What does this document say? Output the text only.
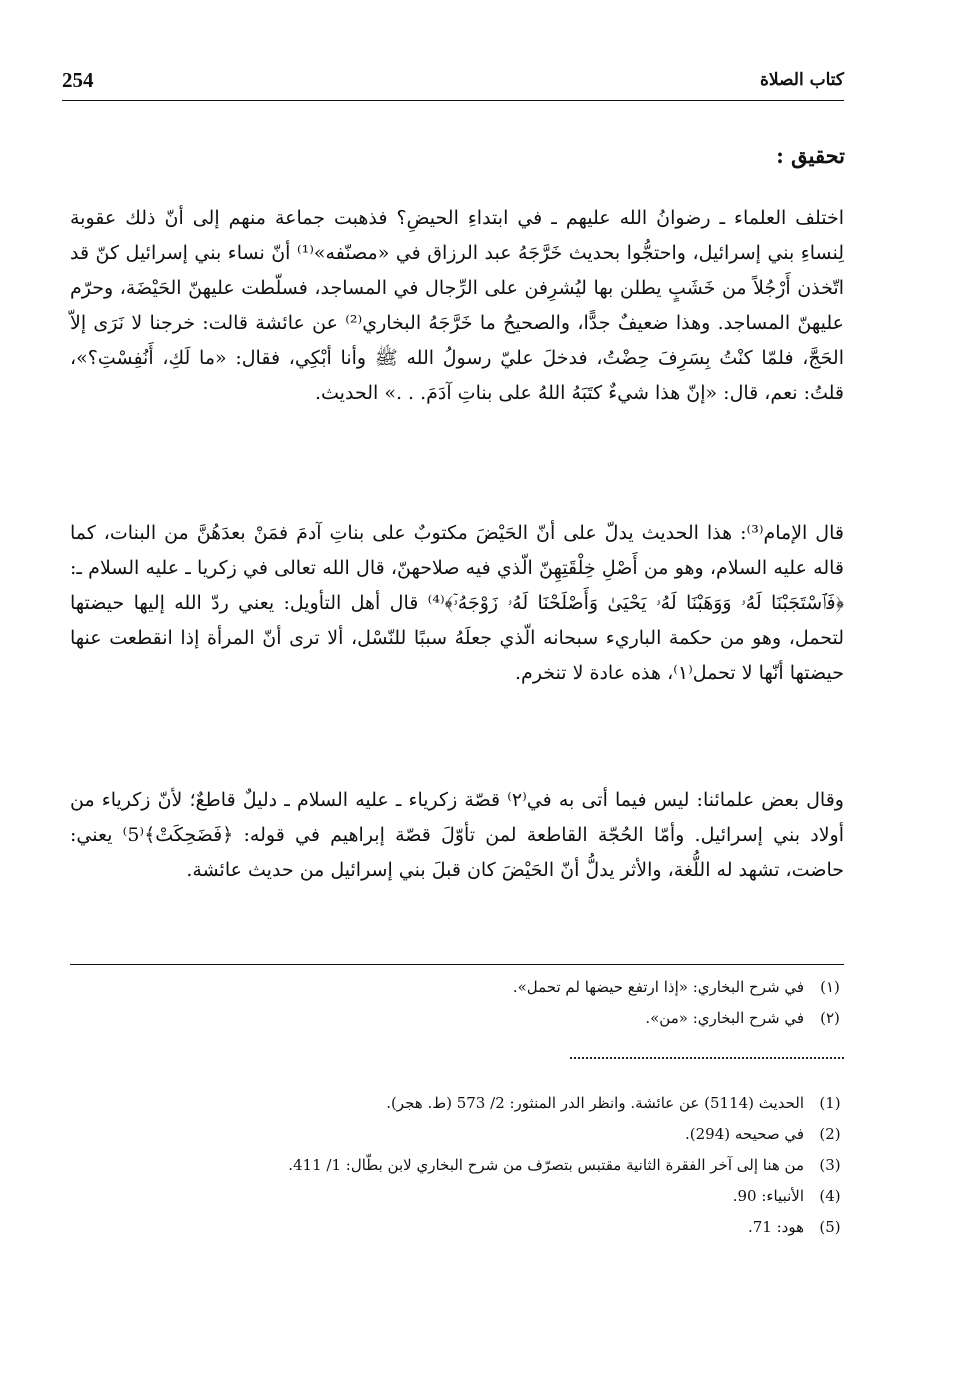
254	كتاب الصلاة
تحقيق :

اختلف العلماء ـ رضوانُ الله عليهم ـ في ابتداءِ الحيضِ؟ فذهبت جماعة منهم إلى أنّ ذلك عقوبة لِنساءِ بني إسرائيل، واحتجُّوا بحديث خَرَّجَهُ عبد الرزاق في «مصنّفه»⁽¹⁾ أنّ نساء بني إسرائيل كنّ قد اتّخذن أَرْجُلاً من خَشَبٍ يطلن بها ليُشرِفن على الرِّجال في المساجد، فسلّطت عليهنّ الحَيْضَة، وحرّم عليهنّ المساجد. وهذا ضعيفٌ جدًّا، والصحيحُ ما خَرَّجَهُ البخاري⁽²⁾ عن عائشة قالت: خرجنا لا نَرَى إلاّ الحَجَّ، فلمّا كنْتُ بِسَرِفَ حِضْتُ، فدخلَ عليّ رسولُ الله ﷺ وأنا أبْكِي، فقال: «ما لَكِ، أَنُفِسْتِ؟»، قلتُ: نعم، قال: «إنّ هذا شيءٌ كتَبَهُ اللهُ على بناتِ آدَمَ. . .» الحديث.

قال الإمام⁽³⁾: هذا الحديث يدلّ على أنّ الحَيْضَ مكتوبٌ على بناتِ آدمَ فمَنْ بعدَهُنَّ من البنات، كما قاله عليه السلام، وهو من أَصْلِ خِلْقَتِهِنّ الّذي فيه صلاحهنّ، قال الله تعالى في زكريا ـ عليه السلام ـ: ﴿فَٱسْتَجَبْنَا لَهُۥ وَوَهَبْنَا لَهُۥ يَحْيَىٰ وَأَصْلَحْنَا لَهُۥ زَوْجَهُۥٓ﴾⁽⁴⁾ قال أهل التأويل: يعني ردّ الله إليها حيضتها لتحمل، وهو من حكمة الباريء سبحانه الّذي جعلَهُ سببًا للنّسْل، ألا ترى أنّ المرأة إذا انقطعت عنها حيضتها أنّها لا تحمل⁽١⁾، هذه عادة لا تنخرم.

وقال بعض علمائنا: ليس فيما أتى به في⁽٢⁾ قصّة زكرياء ـ عليه السلام ـ دليلٌ قاطعٌ؛ لأنّ زكرياء من أولاد بني إسرائيل. وأمّا الحُجّة القاطعة لمن تأوّلَ قصّة إبراهيم في قوله: ﴿فَضَحِكَتْ﴾⁽5⁾ يعني: حاضت، تشهد له اللُّغة، والأثر يدلُّ أنّ الحَيْضَ كان قبلَ بني إسرائيل من حديث عائشة.

(١)
في شرح البخاري: «إذا ارتفع حيضها لم تحمل».
(٢)
في شرح البخاري: «من».
(1)
الحديث (5114) عن عائشة. وانظر الدر المنثور: 2/ 573 (ط. هجر).
(2)
في صحيحه (294).
(3)
من هنا إلى آخر الفقرة الثانية مقتبس بتصرّف من شرح البخاري لابن بطّال: 1/ 411.
(4)
الأنبياء: 90.
(5)
هود: 71.
